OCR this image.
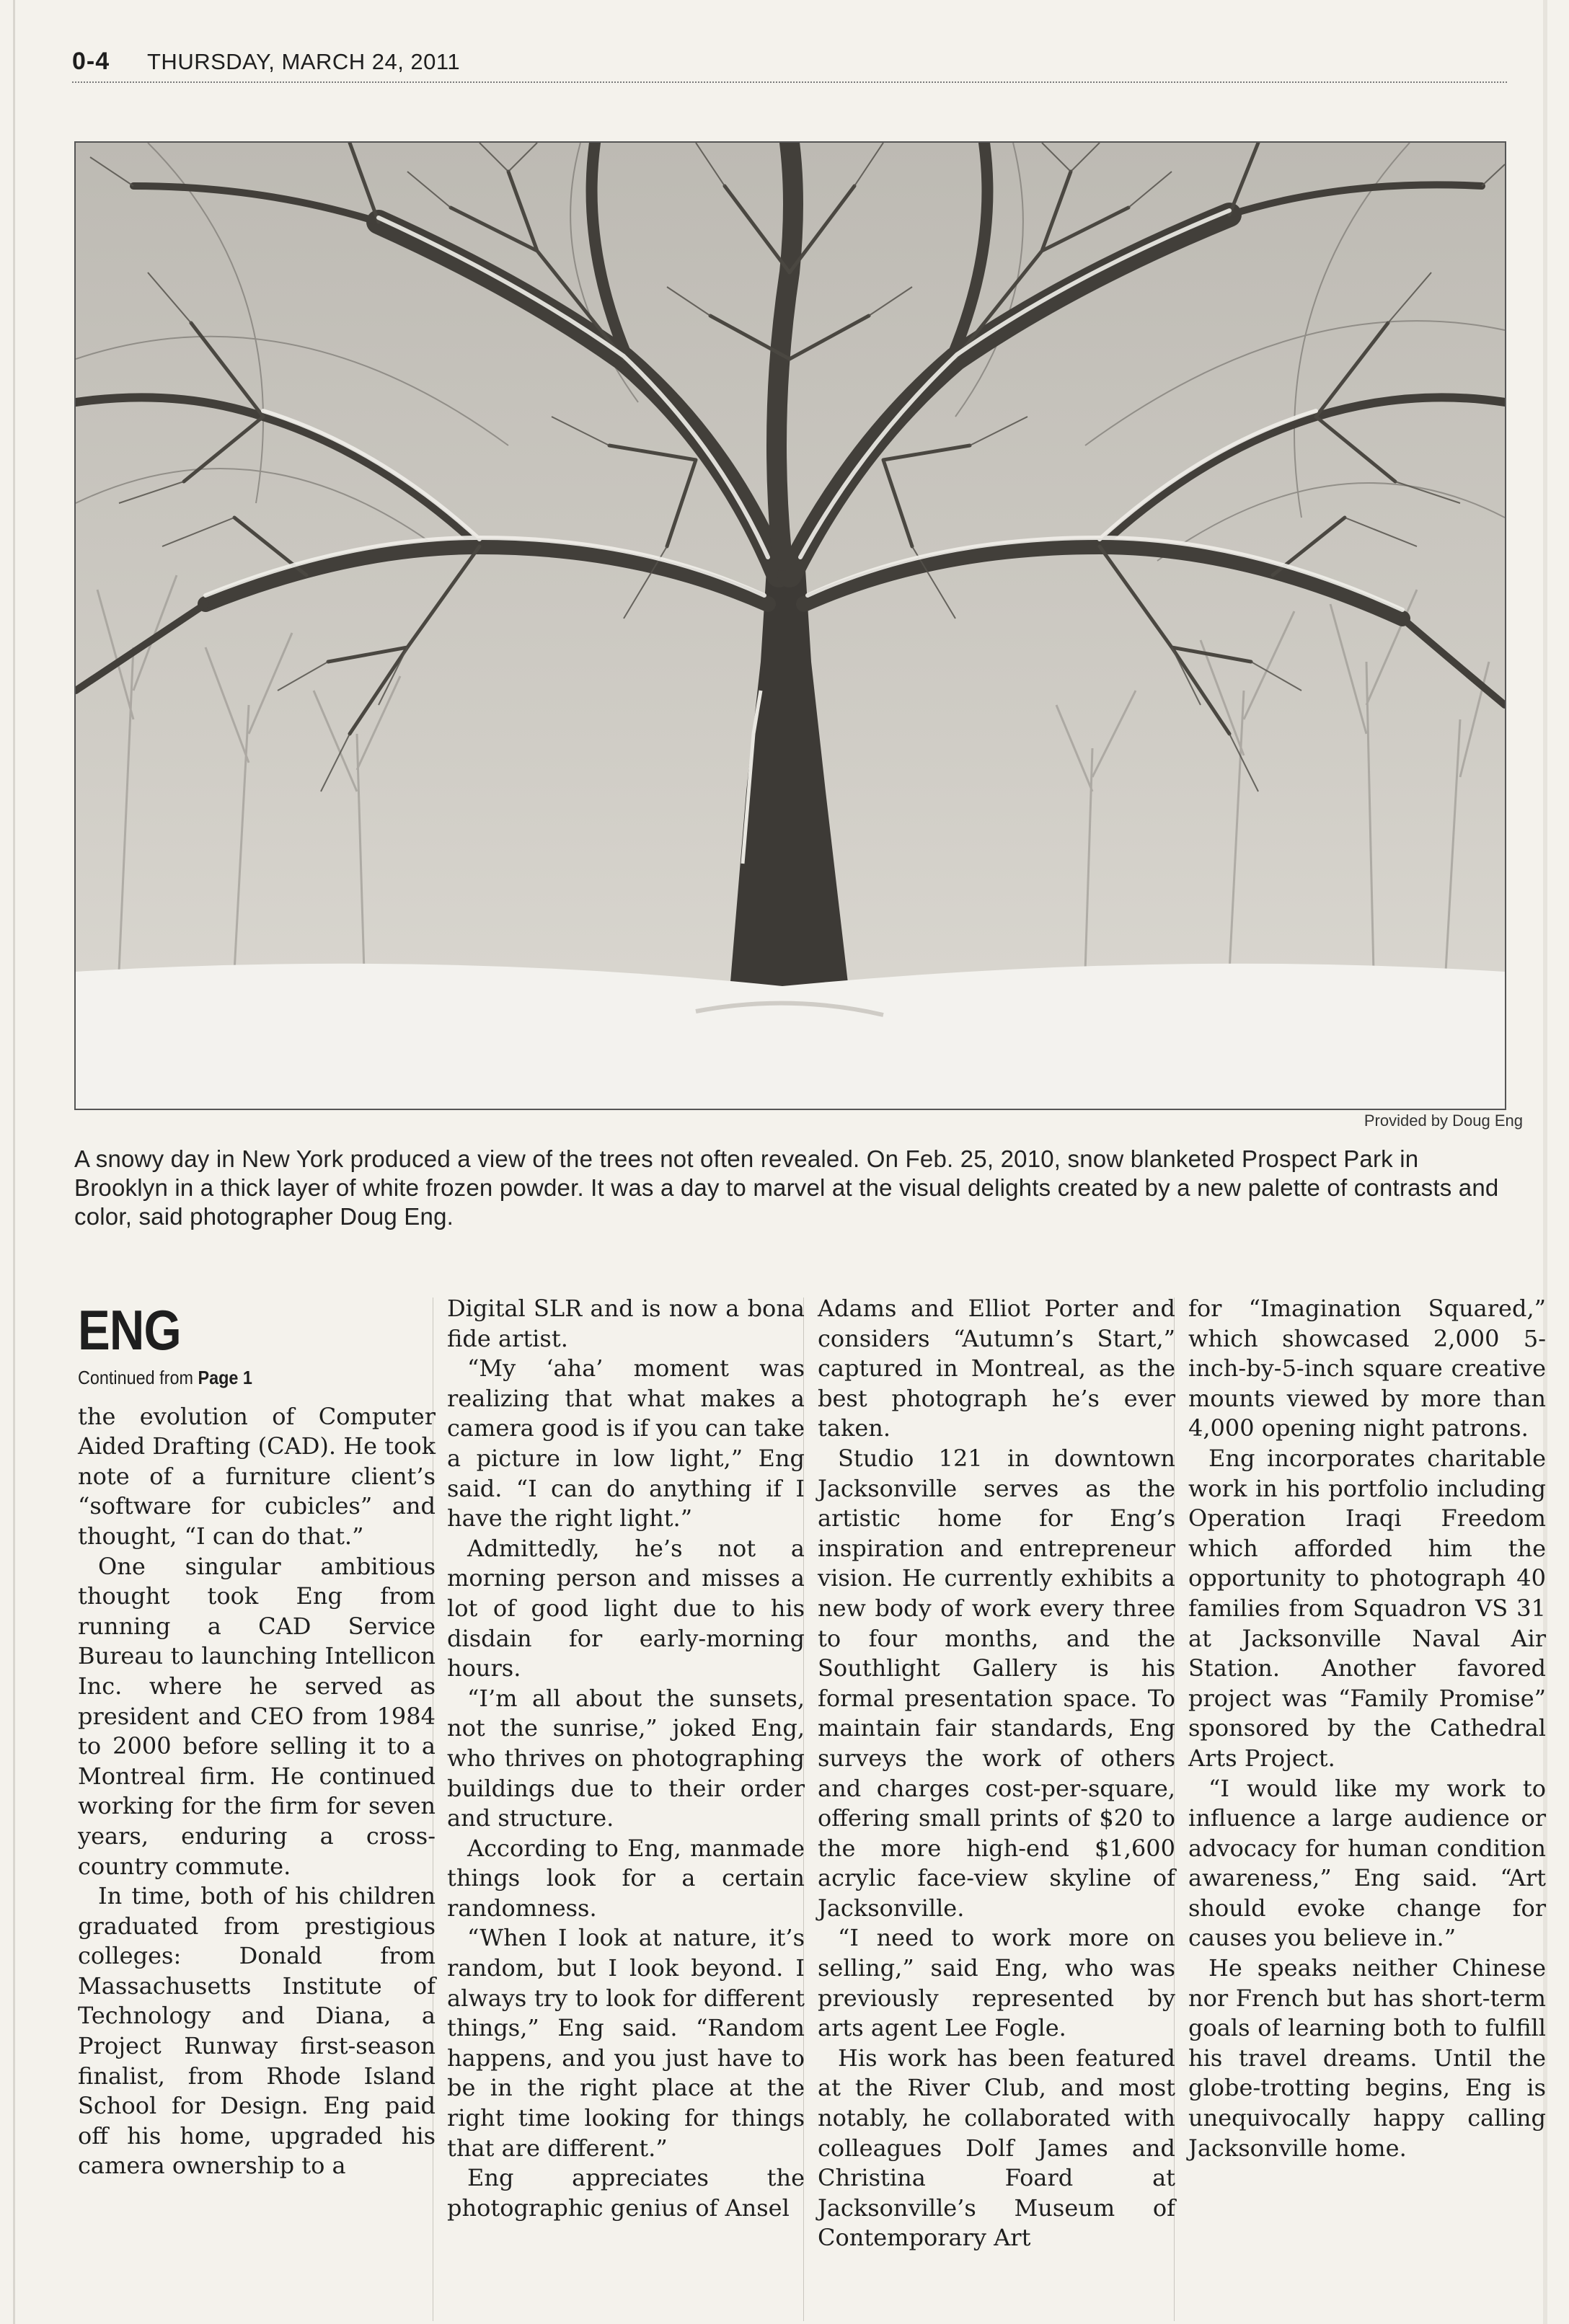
0-4 THURSDAY, MARCH 24, 2011
Provided by Doug Eng
A snowy day in New York produced a view of the trees not often revealed. On Feb. 25, 2010, snow blanketed Prospect Park in Brooklyn in a thick layer of white frozen powder. It was a day to marvel at the visual delights created by a new palette of contrasts and color, said photographer Doug Eng.
ENG
Continued from Page 1

the evolution of Computer Aided Drafting (CAD). He took note of a furniture client’s “software for cubicles” and thought, “I can do that.”

One singular ambitious thought took Eng from running a CAD Service Bureau to launching Intellicon Inc. where he served as president and CEO from 1984 to 2000 before selling it to a Montreal firm. He continued working for the firm for seven years, enduring a cross-country commute.

In time, both of his children graduated from prestigious colleges: Donald from Massachusetts Institute of Technology and Diana, a Project Runway first-season finalist, from Rhode Island School for Design. Eng paid off his home, upgraded his camera ownership to a

Digital SLR and is now a bona fide artist.

“My ‘aha’ moment was realizing that what makes a camera good is if you can take a picture in low light,” Eng said. “I can do anything if I have the right light.”

Admittedly, he’s not a morning person and misses a lot of good light due to his disdain for early-morning hours.

“I’m all about the sunsets, not the sunrise,” joked Eng, who thrives on photographing buildings due to their order and structure.

According to Eng, manmade things look for a certain randomness.

“When I look at nature, it’s random, but I look beyond. I always try to look for different things,” Eng said. “Random happens, and you just have to be in the right place at the right time looking for things that are different.”

Eng appreciates the photographic genius of Ansel

Adams and Elliot Porter and considers “Autumn’s Start,” captured in Montreal, as the best photograph he’s ever taken.

Studio 121 in downtown Jacksonville serves as the artistic home for Eng’s inspiration and entrepreneur vision. He currently exhibits a new body of work every three to four months, and the Southlight Gallery is his formal presentation space. To maintain fair standards, Eng surveys the work of others and charges cost-per-square, offering small prints of $20 to the more high-end $1,600 acrylic face-view skyline of Jacksonville.

“I need to work more on selling,” said Eng, who was previously represented by arts agent Lee Fogle.

His work has been featured at the River Club, and most notably, he collaborated with colleagues Dolf James and Christina Foard at Jacksonville’s Museum of Contemporary Art

for “Imagination Squared,” which showcased 2,000 5-inch-by-5-inch square creative mounts viewed by more than 4,000 opening night patrons.

Eng incorporates charitable work in his portfolio including Operation Iraqi Freedom which afforded him the opportunity to photograph 40 families from Squadron VS 31 at Jacksonville Naval Air Station. Another favored project was “Family Promise” sponsored by the Cathedral Arts Project.

“I would like my work to influence a large audience or advocacy for human condition awareness,” Eng said. “Art should evoke change for causes you believe in.”

He speaks neither Chinese nor French but has short-term goals of learning both to fulfill his travel dreams. Until the globe-trotting begins, Eng is unequivocally happy calling Jacksonville home.
